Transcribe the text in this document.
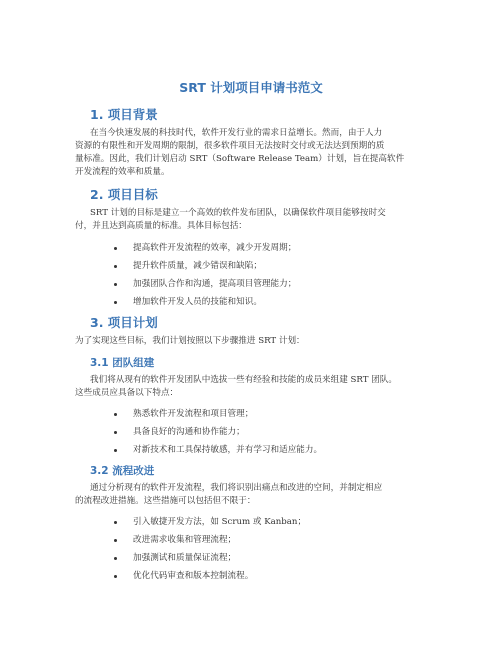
SRT 计划项目申请书范文
1. 项目背景
在当今快速发展的科技时代，软件开发行业的需求日益增长。然而，由于人力
资源的有限性和开发周期的限制，很多软件项目无法按时交付或无法达到预期的质
量标准。因此，我们计划启动 SRT（Software Release Team）计划，旨在提高软件
开发流程的效率和质量。
2. 项目目标
SRT 计划的目标是建立一个高效的软件发布团队，以确保软件项目能够按时交
付，并且达到高质量的标准。具体目标包括：
提高软件开发流程的效率，减少开发周期；
提升软件质量，减少错误和缺陷；
加强团队合作和沟通，提高项目管理能力；
增加软件开发人员的技能和知识。
3. 项目计划
为了实现这些目标，我们计划按照以下步骤推进 SRT 计划：
3.1 团队组建
我们将从现有的软件开发团队中选拔一些有经验和技能的成员来组建 SRT 团队。
这些成员应具备以下特点：
熟悉软件开发流程和项目管理；
具备良好的沟通和协作能力；
对新技术和工具保持敏感，并有学习和适应能力。
3.2 流程改进
通过分析现有的软件开发流程，我们将识别出痛点和改进的空间，并制定相应
的流程改进措施。这些措施可以包括但不限于：
引入敏捷开发方法，如 Scrum 或 Kanban；
改进需求收集和管理流程；
加强测试和质量保证流程；
优化代码审查和版本控制流程。
